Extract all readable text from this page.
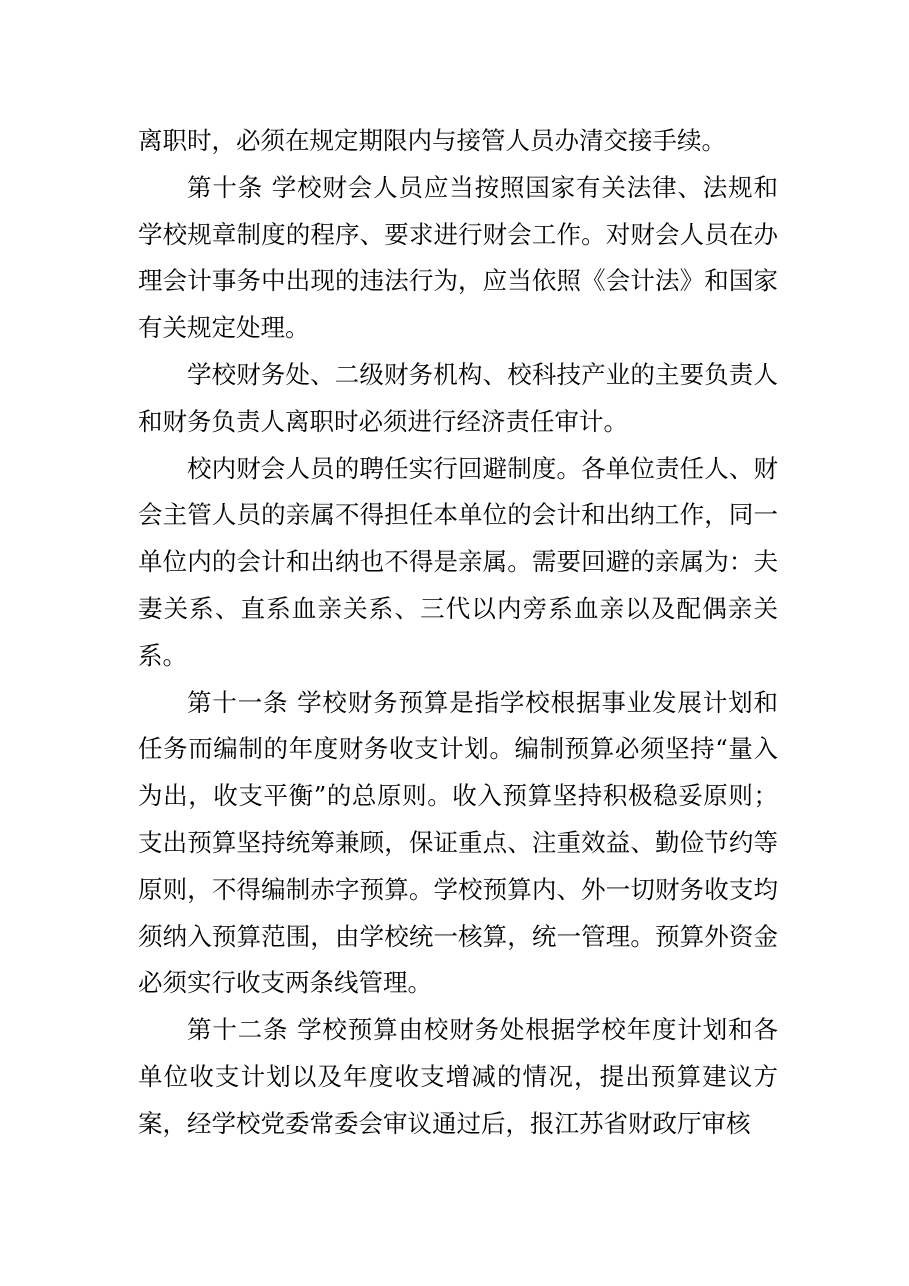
离职时，必须在规定期限内与接管人员办清交接手续。

第十条 学校财会人员应当按照国家有关法律、法规和学校规章制度的程序、要求进行财会工作。对财会人员在办理会计事务中出现的违法行为，应当依照《会计法》和国家有关规定处理。

学校财务处、二级财务机构、校科技产业的主要负责人和财务负责人离职时必须进行经济责任审计。

校内财会人员的聘任实行回避制度。各单位责任人、财会主管人员的亲属不得担任本单位的会计和出纳工作，同一单位内的会计和出纳也不得是亲属。需要回避的亲属为：夫妻关系、直系血亲关系、三代以内旁系血亲以及配偶亲关系。

第十一条 学校财务预算是指学校根据事业发展计划和任务而编制的年度财务收支计划。编制预算必须坚持“量入为出，收支平衡”的总原则。收入预算坚持积极稳妥原则；支出预算坚持统筹兼顾，保证重点、注重效益、勤俭节约等原则，不得编制赤字预算。学校预算内、外一切财务收支均须纳入预算范围，由学校统一核算，统一管理。预算外资金必须实行收支两条线管理。

第十二条 学校预算由校财务处根据学校年度计划和各单位收支计划以及年度收支增减的情况，提出预算建议方案，经学校党委常委会审议通过后，报江苏省财政厅审核
